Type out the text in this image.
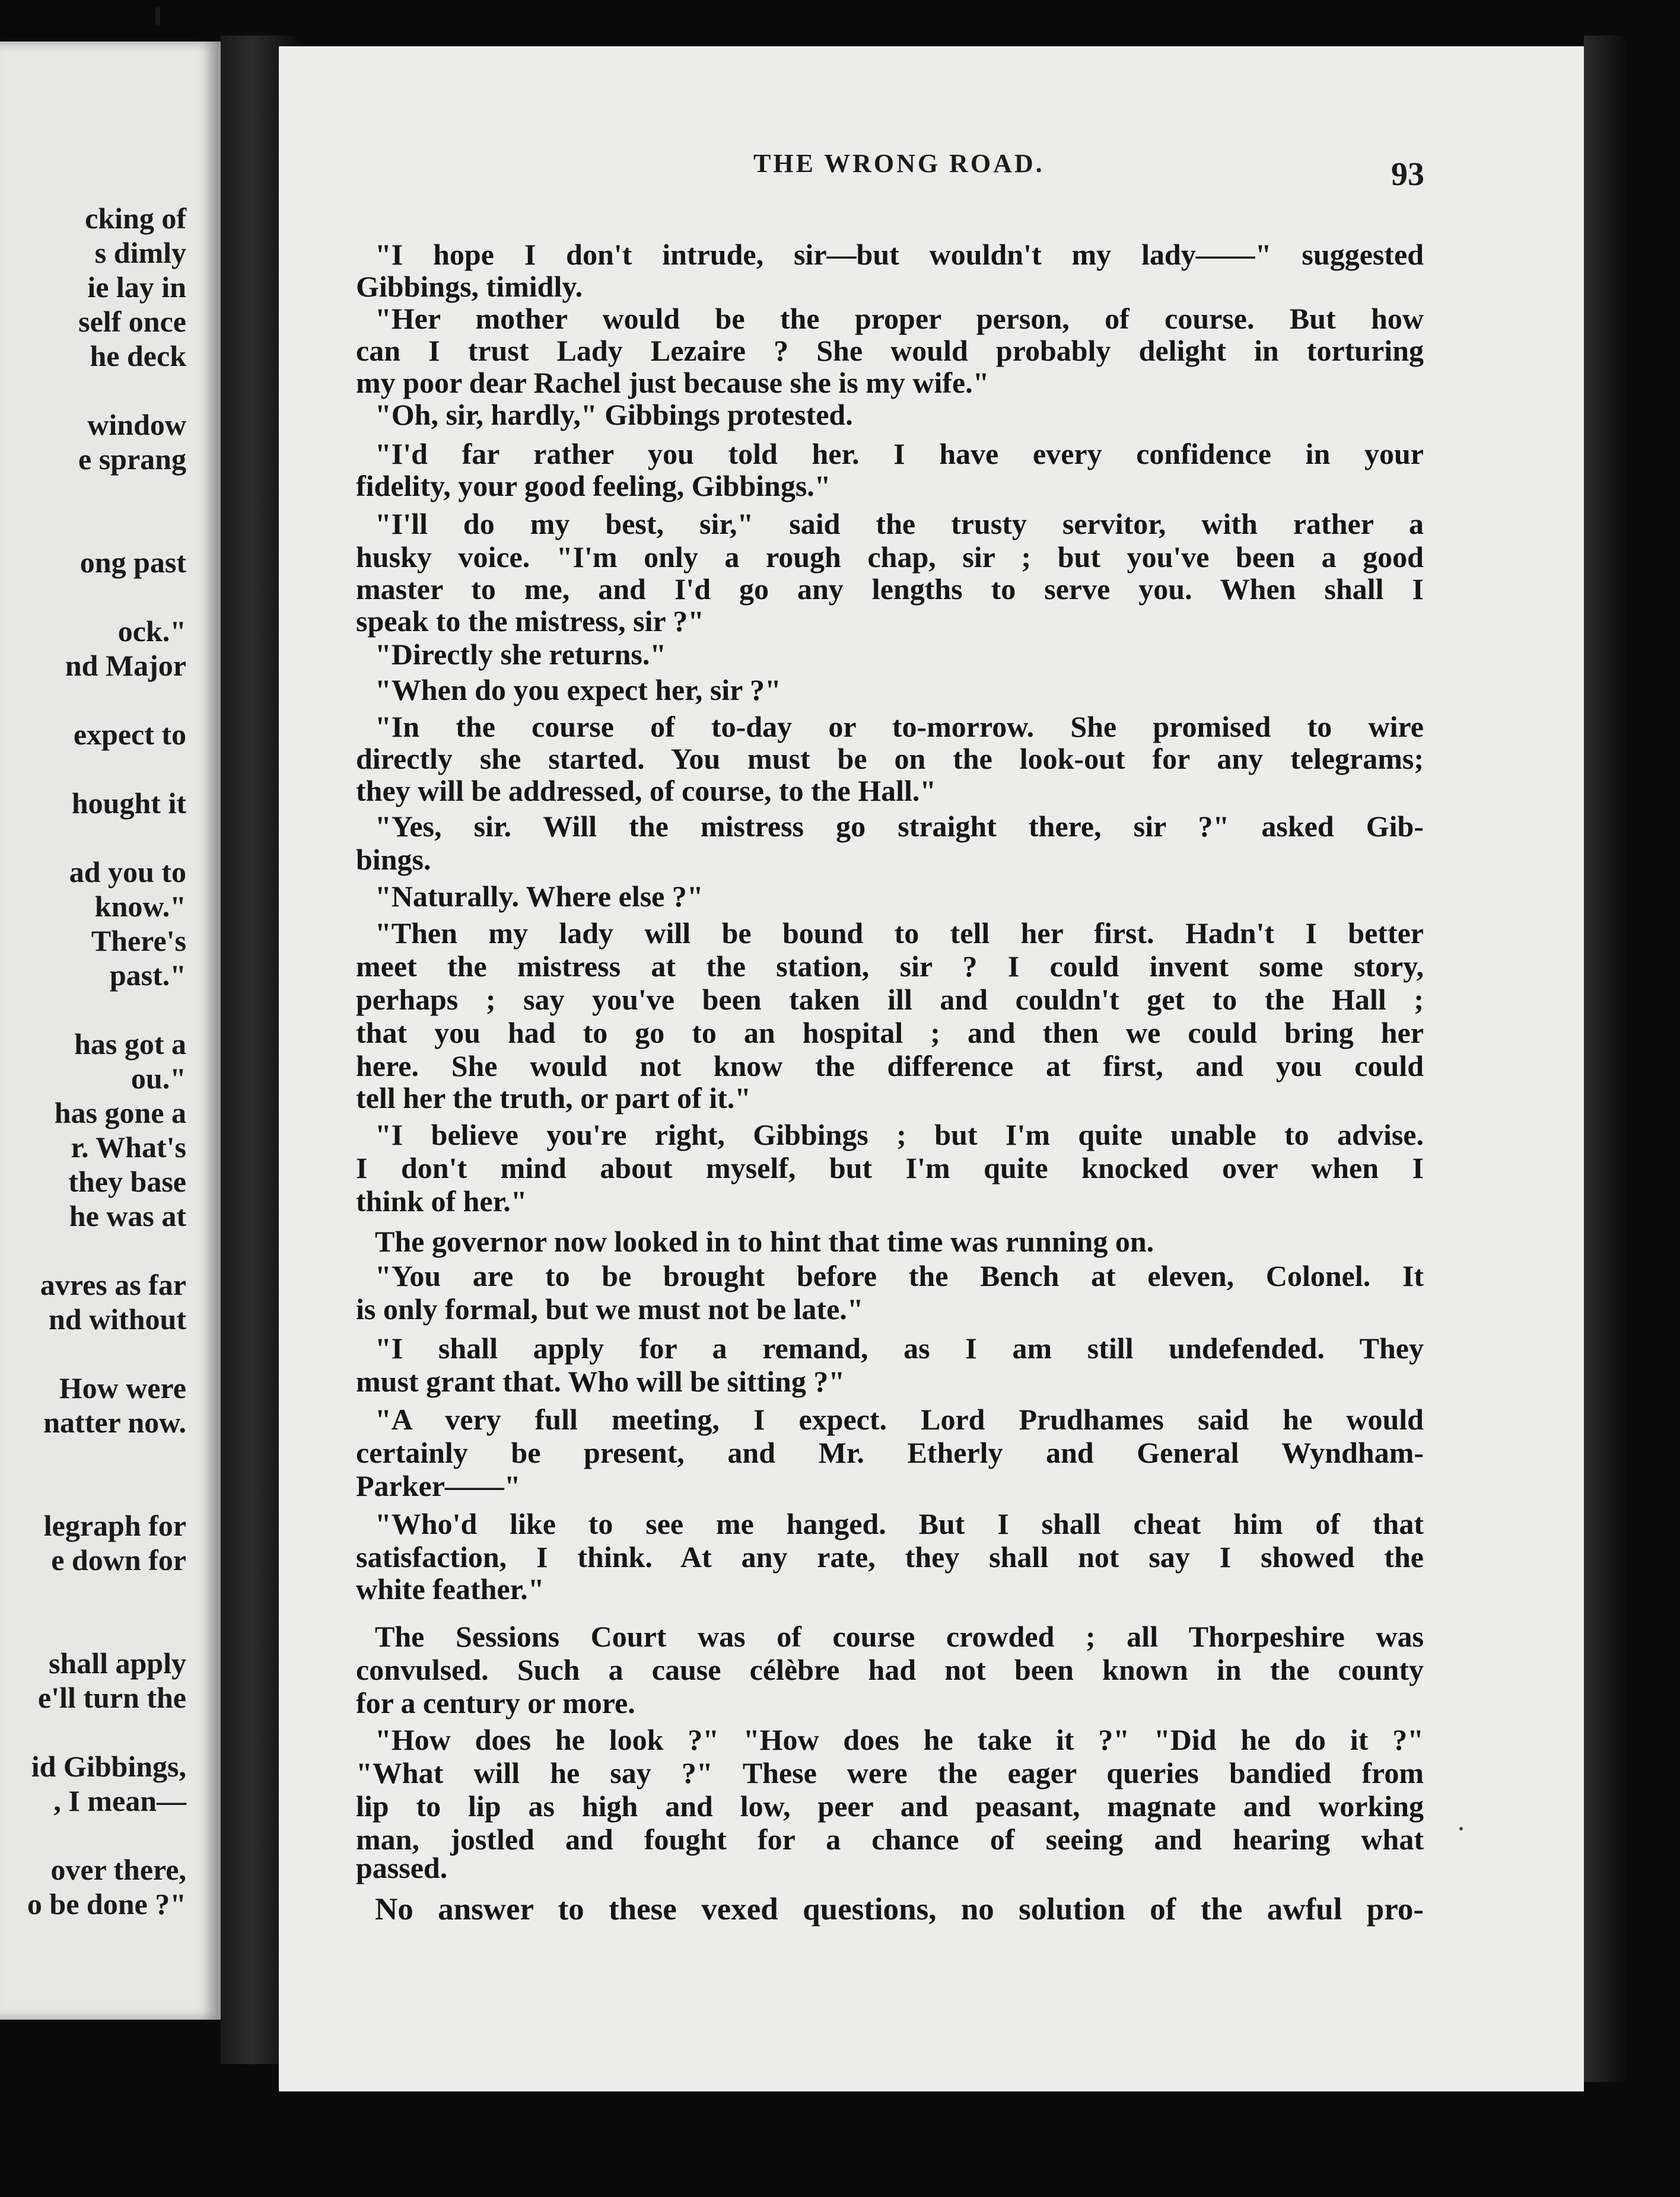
cking of
s dimly
ie lay in
self once
he deck
window
e sprang
ong past
ock."
nd Major
expect to
hought it
ad you to
know."
There's
past."
has got a
ou."
has gone a
r. What's
they base
he was at
avres as far
nd without
How were
natter now.
legraph for
e down for
shall apply
e'll turn the
id Gibbings,
, I mean—
over there,
o be done ?"
THE WRONG ROAD.	93
"I hope I don't intrude, sir—but wouldn't my lady——" suggested
Gibbings, timidly.
"Her mother would be the proper person, of course. But how
can I trust Lady Lezaire ? She would probably delight in torturing
my poor dear Rachel just because she is my wife."
"Oh, sir, hardly," Gibbings protested.
"I'd far rather you told her. I have every confidence in your
fidelity, your good feeling, Gibbings."
"I'll do my best, sir," said the trusty servitor, with rather a
husky voice. "I'm only a rough chap, sir ; but you've been a good
master to me, and I'd go any lengths to serve you. When shall I
speak to the mistress, sir ?"
"Directly she returns."
"When do you expect her, sir ?"
"In the course of to-day or to-morrow. She promised to wire
directly she started. You must be on the look-out for any telegrams;
they will be addressed, of course, to the Hall."
"Yes, sir. Will the mistress go straight there, sir ?" asked Gib-
bings.
"Naturally. Where else ?"
"Then my lady will be bound to tell her first. Hadn't I better
meet the mistress at the station, sir ? I could invent some story,
perhaps ; say you've been taken ill and couldn't get to the Hall ;
that you had to go to an hospital ; and then we could bring her
here. She would not know the difference at first, and you could
tell her the truth, or part of it."
"I believe you're right, Gibbings ; but I'm quite unable to advise.
I don't mind about myself, but I'm quite knocked over when I
think of her."
The governor now looked in to hint that time was running on.
"You are to be brought before the Bench at eleven, Colonel. It
is only formal, but we must not be late."
"I shall apply for a remand, as I am still undefended. They
must grant that. Who will be sitting ?"
"A very full meeting, I expect. Lord Prudhames said he would
certainly be present, and Mr. Etherly and General Wyndham-
Parker——"
"Who'd like to see me hanged. But I shall cheat him of that
satisfaction, I think. At any rate, they shall not say I showed the
white feather."
The Sessions Court was of course crowded ; all Thorpeshire was
convulsed. Such a cause célèbre had not been known in the county
for a century or more.
"How does he look ?" "How does he take it ?" "Did he do it ?"
"What will he say ?" These were the eager queries bandied from
lip to lip as high and low, peer and peasant, magnate and working
man, jostled and fought for a chance of seeing and hearing what
passed.
No answer to these vexed questions, no solution of the awful pro-
